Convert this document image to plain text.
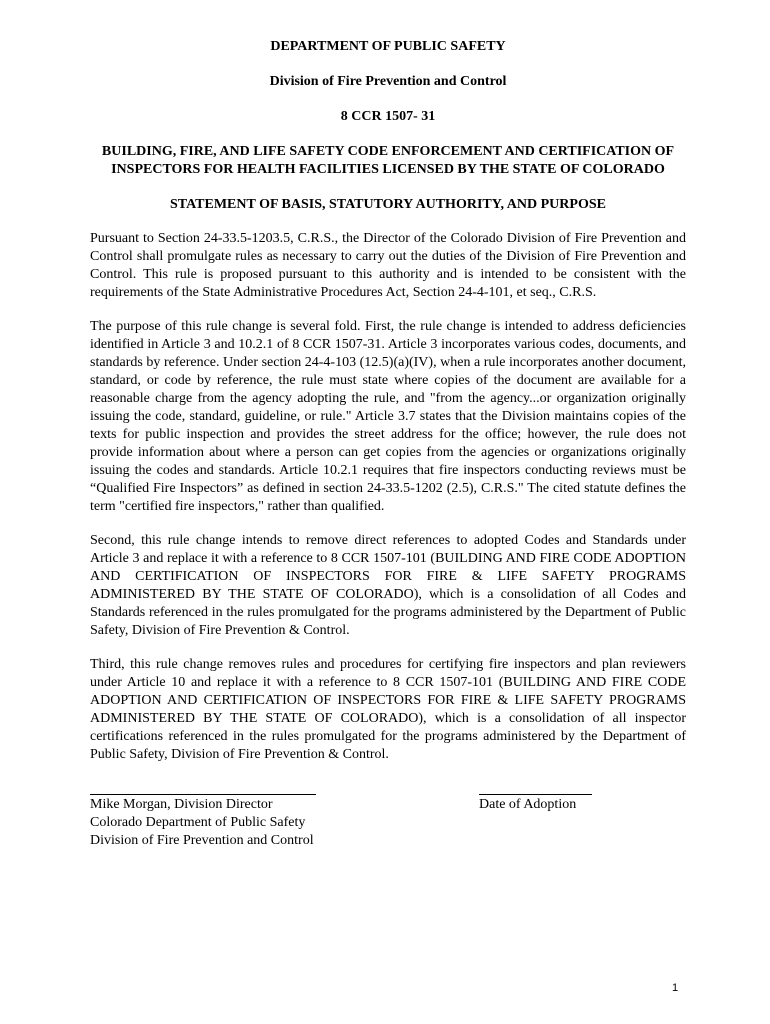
DEPARTMENT OF PUBLIC SAFETY

Division of Fire Prevention and Control

8 CCR 1507- 31

BUILDING, FIRE, AND LIFE SAFETY CODE ENFORCEMENT AND CERTIFICATION OF INSPECTORS FOR HEALTH FACILITIES LICENSED BY THE STATE OF COLORADO

STATEMENT OF BASIS, STATUTORY AUTHORITY, AND PURPOSE

Pursuant to Section 24-33.5-1203.5, C.R.S., the Director of the Colorado Division of Fire Prevention and Control shall promulgate rules as necessary to carry out the duties of the Division of Fire Prevention and Control. This rule is proposed pursuant to this authority and is intended to be consistent with the requirements of the State Administrative Procedures Act, Section 24-4-101, et seq., C.R.S.

The purpose of this rule change is several fold. First, the rule change is intended to address deficiencies identified in Article 3 and 10.2.1 of 8 CCR 1507-31. Article 3 incorporates various codes, documents, and standards by reference. Under section 24-4-103 (12.5)(a)(IV), when a rule incorporates another document, standard, or code by reference, the rule must state where copies of the document are available for a reasonable charge from the agency adopting the rule, and "from the agency...or organization originally issuing the code, standard, guideline, or rule." Article 3.7 states that the Division maintains copies of the texts for public inspection and provides the street address for the office; however, the rule does not provide information about where a person can get copies from the agencies or organizations originally issuing the codes and standards. Article 10.2.1 requires that fire inspectors conducting reviews must be “Qualified Fire Inspectors” as defined in section 24-33.5-1202 (2.5), C.R.S." The cited statute defines the term "certified fire inspectors," rather than qualified.

Second, this rule change intends to remove direct references to adopted Codes and Standards under Article 3 and replace it with a reference to 8 CCR 1507-101 (BUILDING AND FIRE CODE ADOPTION AND CERTIFICATION OF INSPECTORS FOR FIRE & LIFE SAFETY PROGRAMS ADMINISTERED BY THE STATE OF COLORADO), which is a consolidation of all Codes and Standards referenced in the rules promulgated for the programs administered by the Department of Public Safety, Division of Fire Prevention & Control.

Third, this rule change removes rules and procedures for certifying fire inspectors and plan reviewers under Article 10 and replace it with a reference to 8 CCR 1507-101 (BUILDING AND FIRE CODE ADOPTION AND CERTIFICATION OF INSPECTORS FOR FIRE & LIFE SAFETY PROGRAMS ADMINISTERED BY THE STATE OF COLORADO), which is a consolidation of all inspector certifications referenced in the rules promulgated for the programs administered by the Department of Public Safety, Division of Fire Prevention & Control.

Mike Morgan, Division Director
Colorado Department of Public Safety
Division of Fire Prevention and Control
Date of Adoption
1
